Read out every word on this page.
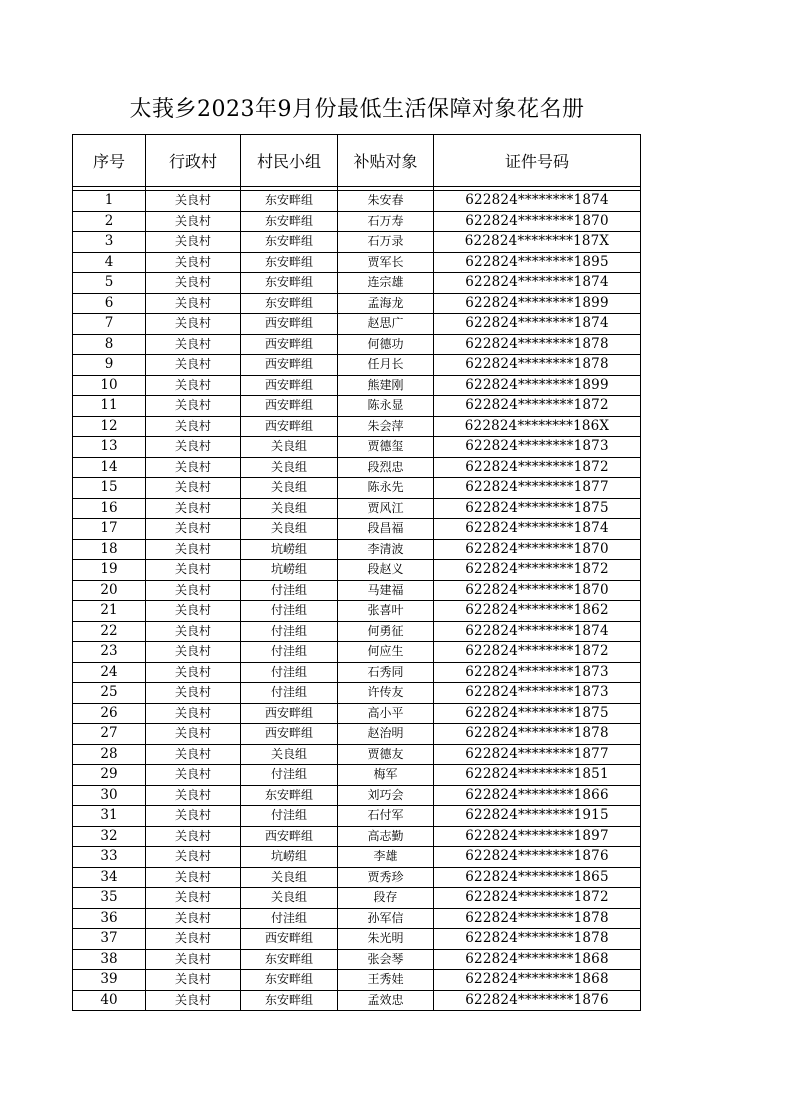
太莪乡2023年9月份最低生活保障对象花名册
序号	行政村	村民小组	补贴对象	证件号码

1	关良村	东安畔组	朱安春	622824********1874
2	关良村	东安畔组	石万寿	622824********1870
3	关良村	东安畔组	石万录	622824********187X
4	关良村	东安畔组	贾军长	622824********1895
5	关良村	东安畔组	连宗雄	622824********1874
6	关良村	东安畔组	孟海龙	622824********1899
7	关良村	西安畔组	赵思广	622824********1874
8	关良村	西安畔组	何德功	622824********1878
9	关良村	西安畔组	任月长	622824********1878
10	关良村	西安畔组	熊建刚	622824********1899
11	关良村	西安畔组	陈永显	622824********1872
12	关良村	西安畔组	朱会萍	622824********186X
13	关良村	关良组	贾德玺	622824********1873
14	关良村	关良组	段烈忠	622824********1872
15	关良村	关良组	陈永先	622824********1877
16	关良村	关良组	贾风江	622824********1875
17	关良村	关良组	段昌福	622824********1874
18	关良村	坑崂组	李清波	622824********1870
19	关良村	坑崂组	段赵义	622824********1872
20	关良村	付洼组	马建福	622824********1870
21	关良村	付洼组	张喜叶	622824********1862
22	关良村	付洼组	何勇征	622824********1874
23	关良村	付洼组	何应生	622824********1872
24	关良村	付洼组	石秀同	622824********1873
25	关良村	付洼组	许传友	622824********1873
26	关良村	西安畔组	高小平	622824********1875
27	关良村	西安畔组	赵治明	622824********1878
28	关良村	关良组	贾德友	622824********1877
29	关良村	付洼组	梅军	622824********1851
30	关良村	东安畔组	刘巧会	622824********1866
31	关良村	付洼组	石付军	622824********1915
32	关良村	西安畔组	高志勤	622824********1897
33	关良村	坑崂组	李雄	622824********1876
34	关良村	关良组	贾秀珍	622824********1865
35	关良村	关良组	段存	622824********1872
36	关良村	付洼组	孙军信	622824********1878
37	关良村	西安畔组	朱光明	622824********1878
38	关良村	东安畔组	张会琴	622824********1868
39	关良村	东安畔组	王秀娃	622824********1868
40	关良村	东安畔组	孟效忠	622824********1876
